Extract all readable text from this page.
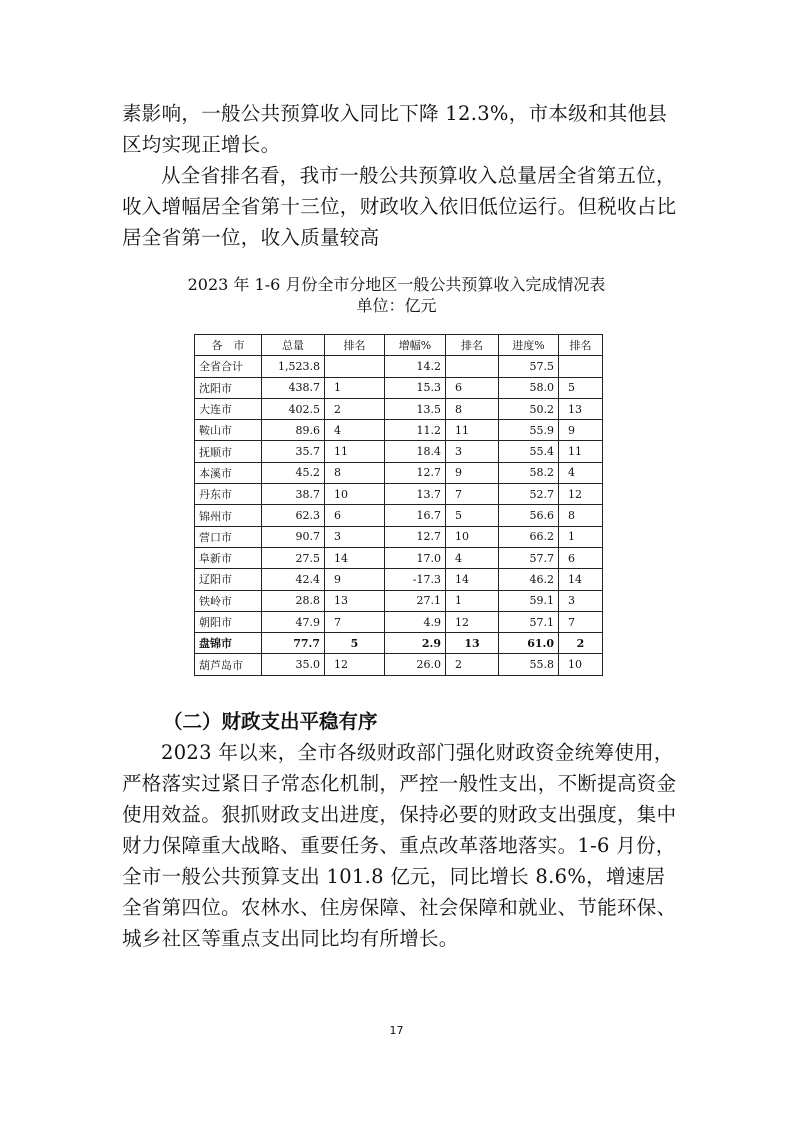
素影响，一般公共预算收入同比下降 12.3%，市本级和其他县区均实现正增长。

从全省排名看，我市一般公共预算收入总量居全省第五位，收入增幅居全省第十三位，财政收入依旧低位运行。但税收占比居全省第一位，收入质量较高

2023 年 1-6 月份全市分地区一般公共预算收入完成情况表

单位：亿元

各　市	总量	排名	增幅%	排名	进度%	排名
全省合计	1,523.8		14.2		57.5	
沈阳市	438.7	1	15.3	6	58.0	5
大连市	402.5	2	13.5	8	50.2	13
鞍山市	89.6	4	11.2	11	55.9	9
抚顺市	35.7	11	18.4	3	55.4	11
本溪市	45.2	8	12.7	9	58.2	4
丹东市	38.7	10	13.7	7	52.7	12
锦州市	62.3	6	16.7	5	56.6	8
营口市	90.7	3	12.7	10	66.2	1
阜新市	27.5	14	17.0	4	57.7	6
辽阳市	42.4	9	-17.3	14	46.2	14
铁岭市	28.8	13	27.1	1	59.1	3
朝阳市	47.9	7	4.9	12	57.1	7
盘锦市	77.7	5	2.9	13	61.0	2
葫芦岛市	35.0	12	26.0	2	55.8	10

（二）财政支出平稳有序

2023 年以来，全市各级财政部门强化财政资金统筹使用，严格落实过紧日子常态化机制，严控一般性支出，不断提高资金使用效益。狠抓财政支出进度，保持必要的财政支出强度，集中财力保障重大战略、重要任务、重点改革落地落实。1-6 月份，全市一般公共预算支出 101.8 亿元，同比增长 8.6%，增速居全省第四位。农林水、住房保障、社会保障和就业、节能环保、城乡社区等重点支出同比均有所增长。

17
